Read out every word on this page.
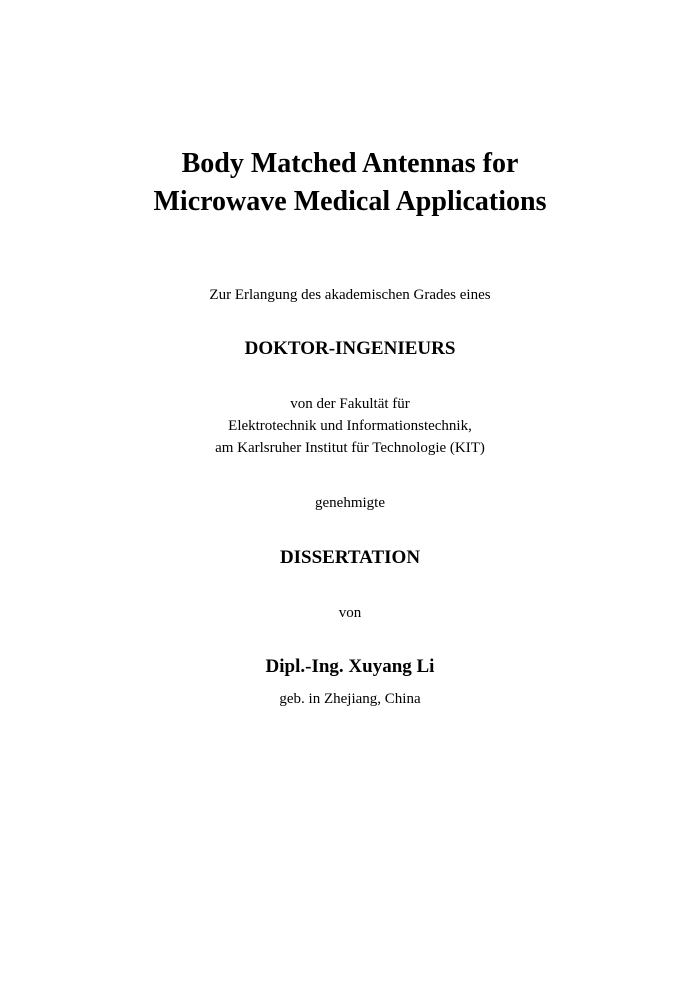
Body Matched Antennas for
Microwave Medical Applications
Zur Erlangung des akademischen Grades eines
DOKTOR-INGENIEURS
von der Fakultät für
Elektrotechnik und Informationstechnik,
am Karlsruher Institut für Technologie (KIT)
genehmigte
DISSERTATION
von
Dipl.-Ing. Xuyang Li
geb. in Zhejiang, China
